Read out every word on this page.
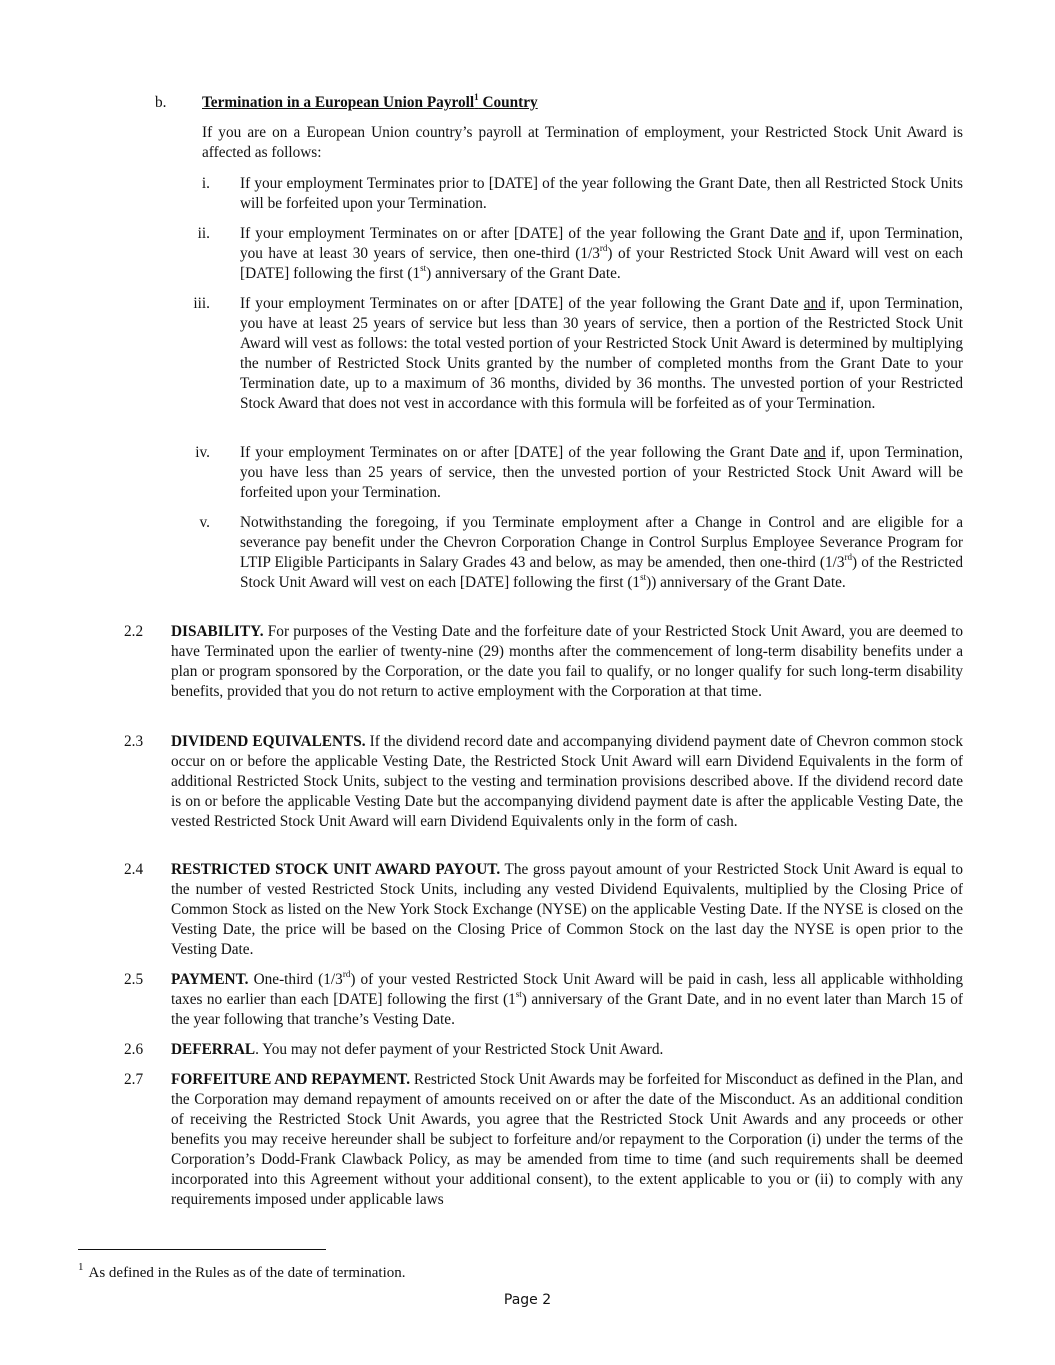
b. Termination in a European Union Payroll$^1$ Country

If you are on a European Union country’s payroll at Termination of employment, your Restricted Stock Unit Award is affected as follows:

i. If your employment Terminates prior to [DATE] of the year following the Grant Date, then all Restricted Stock Units will be forfeited upon your Termination.

ii. If your employment Terminates on or after [DATE] of the year following the Grant Date and if, upon Termination, you have at least 30 years of service, then one-third (1/3rd) of your Restricted Stock Unit Award will vest on each [DATE] following the first (1st) anniversary of the Grant Date.

iii. If your employment Terminates on or after [DATE] of the year following the Grant Date and if, upon Termination, you have at least 25 years of service but less than 30 years of service, then a portion of the Restricted Stock Unit Award will vest as follows: the total vested portion of your Restricted Stock Unit Award is determined by multiplying the number of Restricted Stock Units granted by the number of completed months from the Grant Date to your Termination date, up to a maximum of 36 months, divided by 36 months. The unvested portion of your Restricted Stock Award that does not vest in accordance with this formula will be forfeited as of your Termination.

iv. If your employment Terminates on or after [DATE] of the year following the Grant Date and if, upon Termination, you have less than 25 years of service, then the unvested portion of your Restricted Stock Unit Award will be forfeited upon your Termination.

v. Notwithstanding the foregoing, if you Terminate employment after a Change in Control and are eligible for a severance pay benefit under the Chevron Corporation Change in Control Surplus Employee Severance Program for LTIP Eligible Participants in Salary Grades 43 and below, as may be amended, then one-third (1/3rd) of the Restricted Stock Unit Award will vest on each [DATE] following the first (1st)) anniversary of the Grant Date.

2.2 DISABILITY. For purposes of the Vesting Date and the forfeiture date of your Restricted Stock Unit Award, you are deemed to have Terminated upon the earlier of twenty-nine (29) months after the commencement of long-term disability benefits under a plan or program sponsored by the Corporation, or the date you fail to qualify, or no longer qualify for such long-term disability benefits, provided that you do not return to active employment with the Corporation at that time.

2.3 DIVIDEND EQUIVALENTS. If the dividend record date and accompanying dividend payment date of Chevron common stock occur on or before the applicable Vesting Date, the Restricted Stock Unit Award will earn Dividend Equivalents in the form of additional Restricted Stock Units, subject to the vesting and termination provisions described above. If the dividend record date is on or before the applicable Vesting Date but the accompanying dividend payment date is after the applicable Vesting Date, the vested Restricted Stock Unit Award will earn Dividend Equivalents only in the form of cash.

2.4 RESTRICTED STOCK UNIT AWARD PAYOUT. The gross payout amount of your Restricted Stock Unit Award is equal to the number of vested Restricted Stock Units, including any vested Dividend Equivalents, multiplied by the Closing Price of Common Stock as listed on the New York Stock Exchange (NYSE) on the applicable Vesting Date. If the NYSE is closed on the Vesting Date, the price will be based on the Closing Price of Common Stock on the last day the NYSE is open prior to the Vesting Date.

2.5 PAYMENT. One-third (1/3rd) of your vested Restricted Stock Unit Award will be paid in cash, less all applicable withholding taxes no earlier than each [DATE] following the first (1st) anniversary of the Grant Date, and in no event later than March 15 of the year following that tranche’s Vesting Date.

2.6 DEFERRAL. You may not defer payment of your Restricted Stock Unit Award.

2.7 FORFEITURE AND REPAYMENT. Restricted Stock Unit Awards may be forfeited for Misconduct as defined in the Plan, and the Corporation may demand repayment of amounts received on or after the date of the Misconduct. As an additional condition of receiving the Restricted Stock Unit Awards, you agree that the Restricted Stock Unit Awards and any proceeds or other benefits you may receive hereunder shall be subject to forfeiture and/or repayment to the Corporation (i) under the terms of the Corporation’s Dodd-Frank Clawback Policy, as may be amended from time to time (and such requirements shall be deemed incorporated into this Agreement without your additional consent), to the extent applicable to you or (ii) to comply with any requirements imposed under applicable laws

$^1$ As defined in the Rules as of the date of termination.
Page 2
